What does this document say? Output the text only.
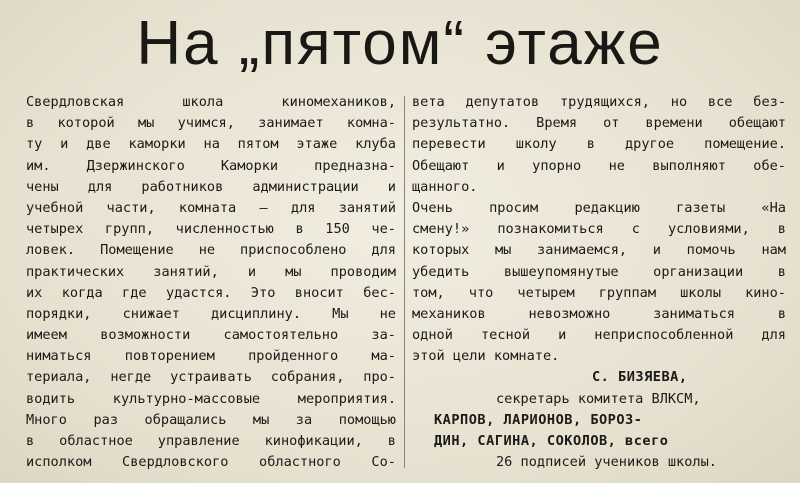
На „пятом“ этаже
Свердловская школа киномехаников,
в которой мы учимся, занимает комна-
ту и две каморки на пятом этаже клуба
им. Дзержинского Каморки предназна-
чены для работников администрации и
учебной части, комната — для занятий
четырех групп, численностью в 150 че-
ловек. Помещение не приспособлено для
практических занятий, и мы проводим
их когда где удастся. Это вносит бес-
порядки, снижает дисциплину. Мы не
имеем возможности самостоятельно за-
ниматься повторением пройденного ма-
териала, негде устраивать собрания, про-
водить культурно-массовые мероприятия.
Много раз обращались мы за помощью
в областное управление кинофикации, в
исполком Свердловского областного Со-
вета депутатов трудящихся, но все без-
результатно. Время от времени обещают
перевести школу в другое помещение.
Обещают и упорно не выполняют обе-
щанного.
Очень просим редакцию газеты «На
смену!» познакомиться с условиями, в
которых мы занимаемся, и помочь нам
убедить вышеупомянутые организации в
том, что четырем группам школы кино-
механиков невозможно заниматься в
одной тесной и неприспособленной для
этой цели комнате.
С. БИЗЯЕВА,
секретарь комитета ВЛКСМ,
КАРПОВ, ЛАРИОНОВ, БОРОЗ-
ДИН, САГИНА, СОКОЛОВ, всего
26 подписей учеников школы.
